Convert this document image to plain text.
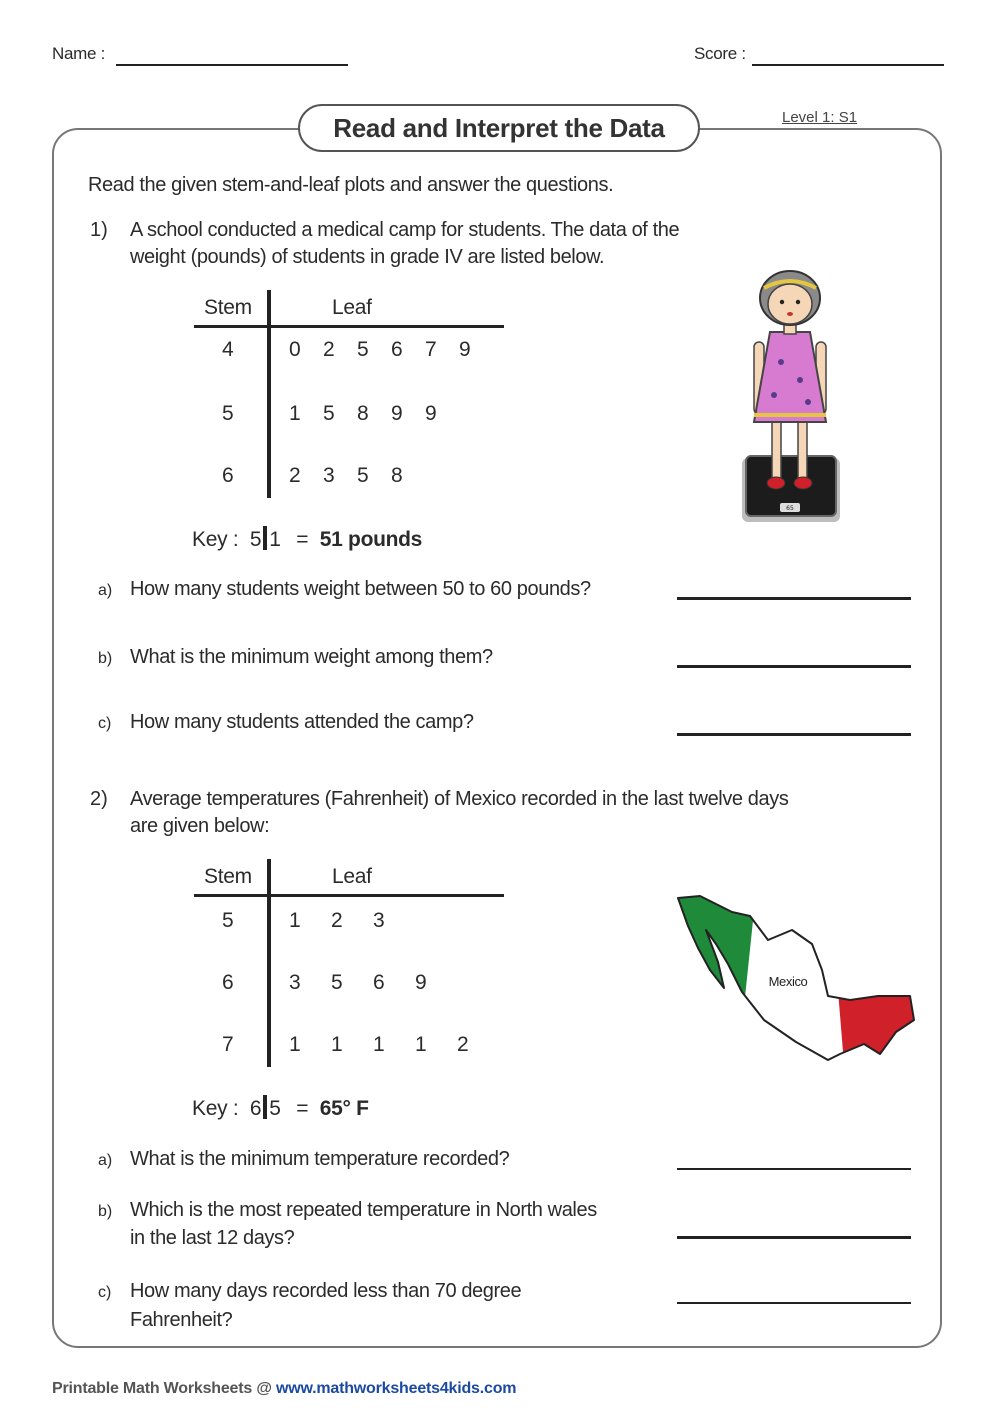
Name :	Score :
Read and Interpret the Data	Level 1: S1
Read the given stem-and-leaf plots and answer the questions.
1) A school conducted a medical camp for students. The data of the
weight (pounds) of students in grade IV are listed below.
Stem	Leaf
4	0 2 5 6 7 9
5	1 5 8 9 9
6	2 3 5 8
Key : 5 1 = 51 pounds
65
a) How many students weight between 50 to 60 pounds?
b) What is the minimum weight among them?
c) How many students attended the camp?
2) Average temperatures (Fahrenheit) of Mexico recorded in the last twelve days
are given below:
Stem	Leaf
5	1 2 3
6	3 5 6 9
7	1 1 1 1 2
Key : 6 5 = 65° F
Mexico
a) What is the minimum temperature recorded?
b) Which is the most repeated temperature in North wales
in the last 12 days?
c) How many days recorded less than 70 degree
Fahrenheit?
Printable Math Worksheets @ www.mathworksheets4kids.com
